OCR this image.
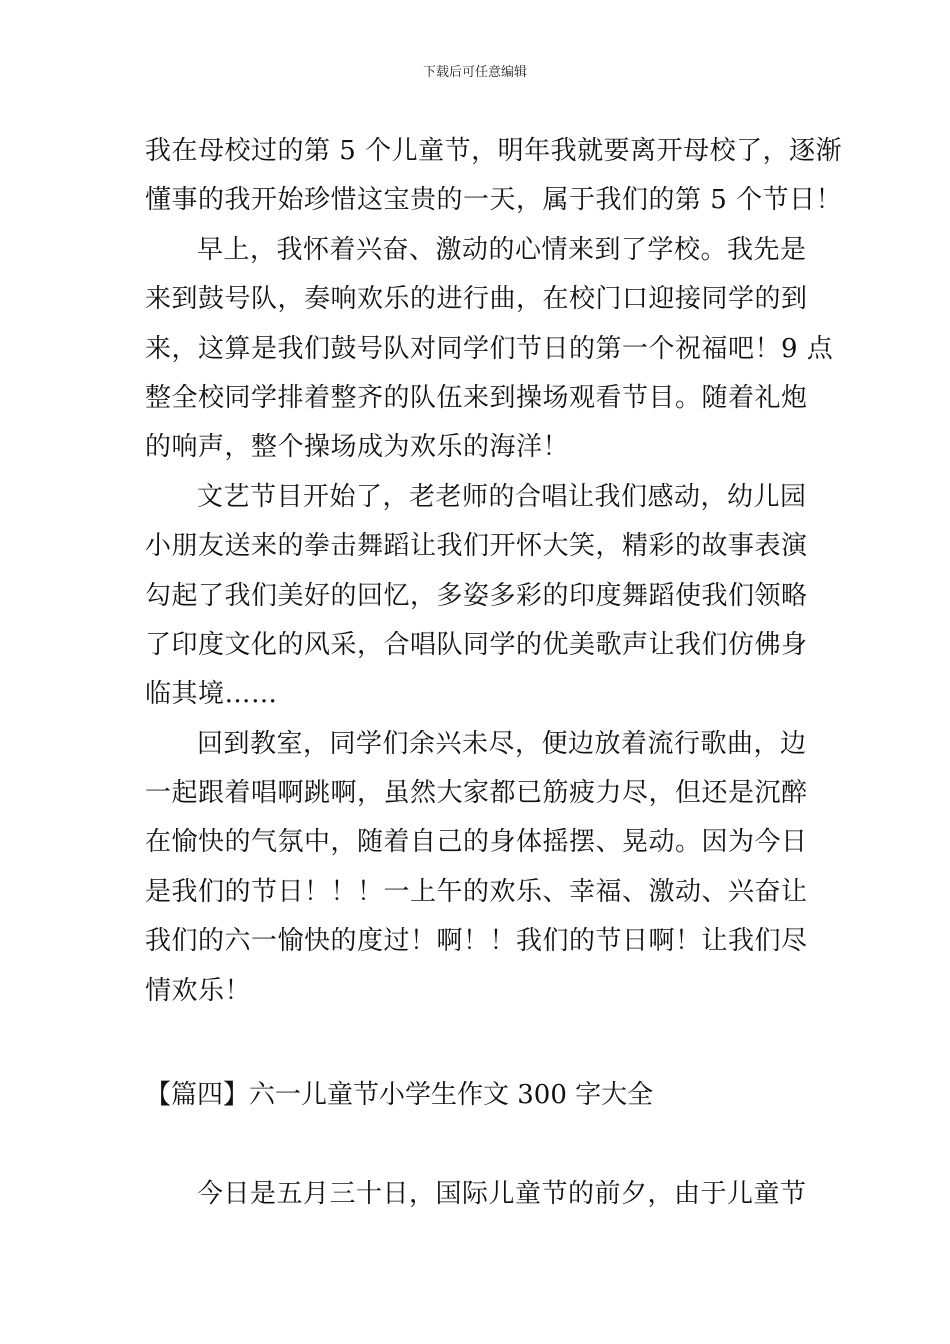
下载后可任意编辑
我在母校过的第 5 个儿童节，明年我就要离开母校了，逐渐
懂事的我开始珍惜这宝贵的一天，属于我们的第 5 个节日！
早上，我怀着兴奋、激动的心情来到了学校。我先是
来到鼓号队，奏响欢乐的进行曲，在校门口迎接同学的到
来，这算是我们鼓号队对同学们节日的第一个祝福吧！9 点
整全校同学排着整齐的队伍来到操场观看节目。随着礼炮
的响声，整个操场成为欢乐的海洋！
文艺节目开始了，老老师的合唱让我们感动，幼儿园
小朋友送来的拳击舞蹈让我们开怀大笑，精彩的故事表演
勾起了我们美好的回忆，多姿多彩的印度舞蹈使我们领略
了印度文化的风采，合唱队同学的优美歌声让我们仿佛身
临其境……
回到教室，同学们余兴未尽，便边放着流行歌曲，边
一起跟着唱啊跳啊，虽然大家都已筋疲力尽，但还是沉醉
在愉快的气氛中，随着自己的身体摇摆、晃动。因为今日
是我们的节日！！！一上午的欢乐、幸福、激动、兴奋让
我们的六一愉快的度过！啊！！我们的节日啊！让我们尽
情欢乐！
【篇四】六一儿童节小学生作文 300 字大全
今日是五月三十日，国际儿童节的前夕，由于儿童节
